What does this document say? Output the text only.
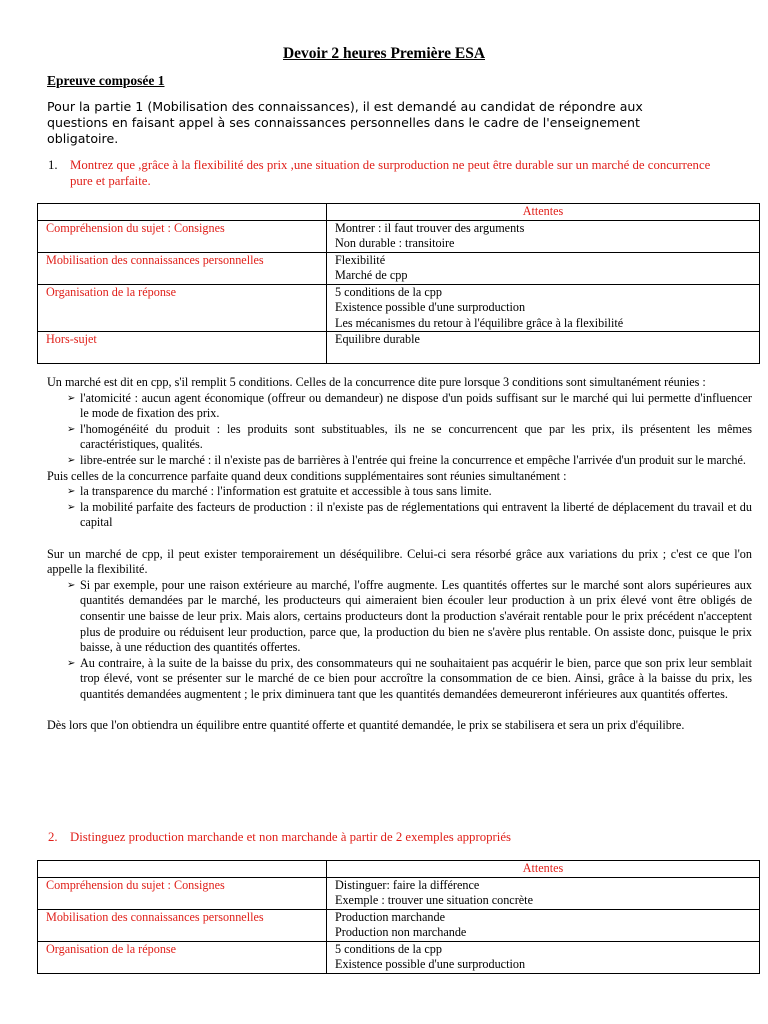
Devoir 2 heures Première ESA
Epreuve composée 1
Pour la partie 1 (Mobilisation des connaissances), il est demandé au candidat de répondre aux questions en faisant appel à ses connaissances personnelles dans le cadre de l'enseignement obligatoire.
1. Montrez que ,grâce à la flexibilité des prix ,une situation de surproduction ne peut être durable sur un marché de concurrence pure et parfaite.
	Attentes
Compréhension du sujet : Consignes	Montrer : il faut trouver des arguments
Non durable : transitoire

Mobilisation des connaissances personnelles	Flexibilité
Marché de cpp

Organisation de la réponse	5 conditions de la cpp
Existence possible d'une surproduction
Les mécanismes du retour à l'équilibre grâce à la flexibilité

Hors-sujet	Equilibre durable

Un marché est dit en cpp, s'il remplit 5 conditions. Celles de la concurrence dite pure lorsque 3 conditions sont simultanément réunies :

➢ l'atomicité : aucun agent économique (offreur ou demandeur) ne dispose d'un poids suffisant sur le marché qui lui permette d'influencer le mode de fixation des prix.

➢ l'homogénéité du produit : les produits sont substituables, ils ne se concurrencent que par les prix, ils présentent les mêmes caractéristiques, qualités.

➢ libre-entrée sur le marché : il n'existe pas de barrières à l'entrée qui freine la concurrence et empêche l'arrivée d'un produit sur le marché.

Puis celles de la concurrence parfaite quand deux conditions supplémentaires sont réunies simultanément :

➢ la transparence du marché : l'information est gratuite et accessible à tous sans limite.

➢ la mobilité parfaite des facteurs de production : il n'existe pas de réglementations qui entravent la liberté de déplacement du travail et du capital

Sur un marché de cpp, il peut exister temporairement un déséquilibre. Celui-ci sera résorbé grâce aux variations du prix ; c'est ce que l'on appelle la flexibilité.

➢ Si par exemple, pour une raison extérieure au marché, l'offre augmente. Les quantités offertes sur le marché sont alors supérieures aux quantités demandées par le marché, les producteurs qui aimeraient bien écouler leur production à un prix élevé vont être obligés de consentir une baisse de leur prix. Mais alors, certains producteurs dont la production s'avérait rentable pour le prix précédent n'acceptent plus de produire ou réduisent leur production, parce que, la production du bien ne s'avère plus rentable. On assiste donc, puisque le prix baisse, à une réduction des quantités offertes.

➢ Au contraire, à la suite de la baisse du prix, des consommateurs qui ne souhaitaient pas acquérir le bien, parce que son prix leur semblait trop élevé, vont se présenter sur le marché de ce bien pour accroître la consommation de ce bien. Ainsi, grâce à la baisse du prix, les quantités demandées augmentent ; le prix diminuera tant que les quantités demandées demeureront inférieures aux quantités offertes.

Dès lors que l'on obtiendra un équilibre entre quantité offerte et quantité demandée, le prix se stabilisera et sera un prix d'équilibre.

2. Distinguez production marchande et non marchande à partir de 2 exemples appropriés
	Attentes
Compréhension du sujet : Consignes	Distinguer: faire la différence
Exemple : trouver une situation concrète

Mobilisation des connaissances personnelles	Production marchande
Production non marchande

Organisation de la réponse	5 conditions de la cpp
Existence possible d'une surproduction
